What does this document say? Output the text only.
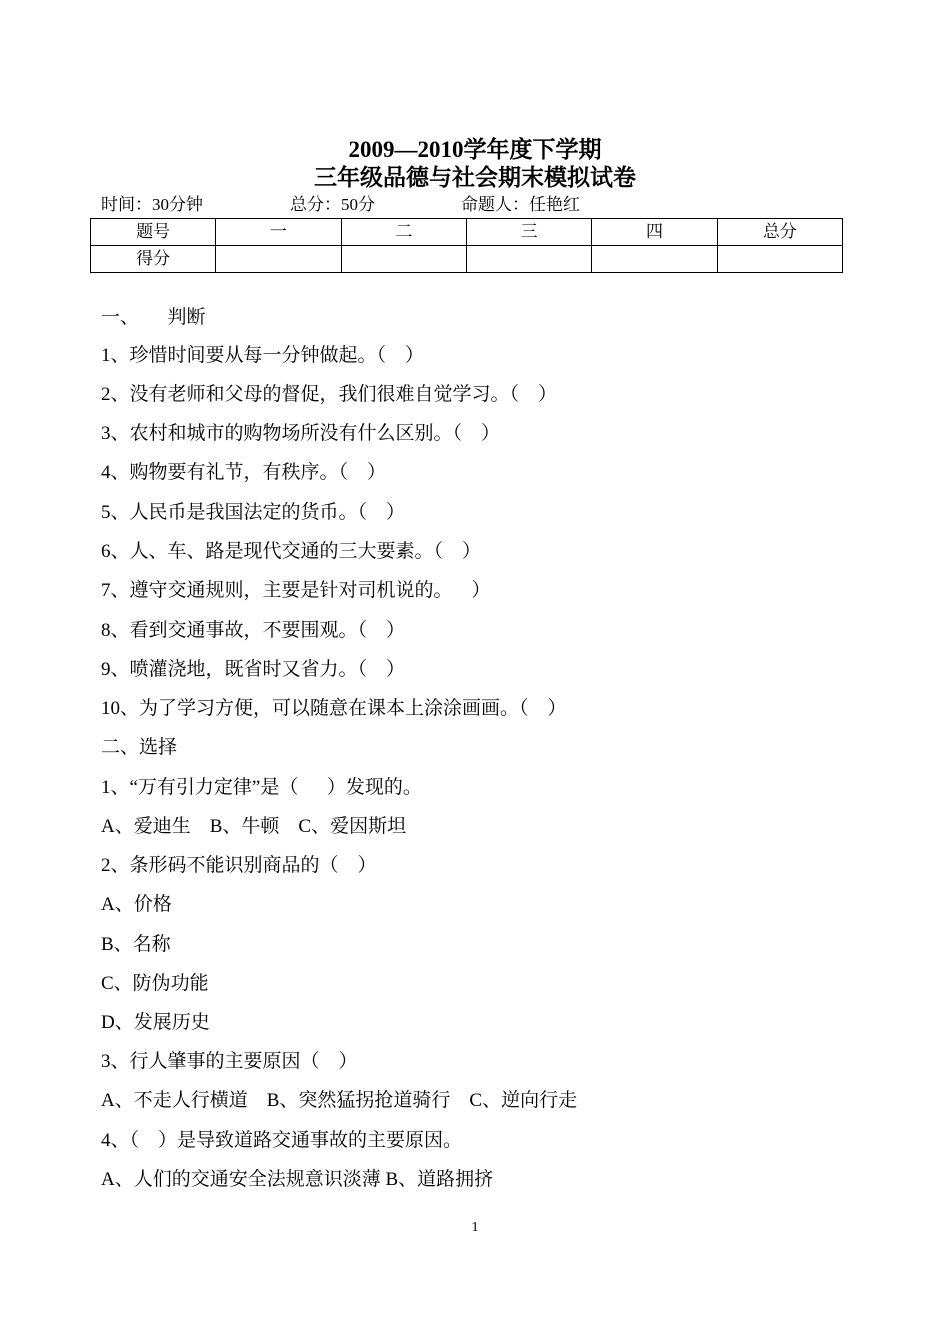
2009—2010学年度下学期
三年级品德与社会期末模拟试卷
时间：30分钟	总分：50分	命题人：任艳红
题号	一	二	三	四	总分
得分					
一、      判断
1、珍惜时间要从每一分钟做起。（    ）
2、没有老师和父母的督促，我们很难自觉学习。（    ）
3、农村和城市的购物场所没有什么区别。（    ）
4、购物要有礼节，有秩序。（    ）
5、人民币是我国法定的货币。（    ）
6、人、车、路是现代交通的三大要素。（    ）
7、遵守交通规则，主要是针对司机说的。    ）
8、看到交通事故，不要围观。（    ）
9、喷灌浇地，既省时又省力。（    ）
10、为了学习方便，可以随意在课本上涂涂画画。（    ）
二、选择
1、“万有引力定律”是（      ）发现的。
A、爱迪生    B、牛顿    C、爱因斯坦
2、条形码不能识别商品的（    ）
A、价格
B、名称
C、防伪功能
D、发展历史
3、行人肇事的主要原因（    ）
A、不走人行横道    B、突然猛拐抢道骑行    C、逆向行走
4、（    ）是导致道路交通事故的主要原因。
A、人们的交通安全法规意识淡薄 B、道路拥挤
1
